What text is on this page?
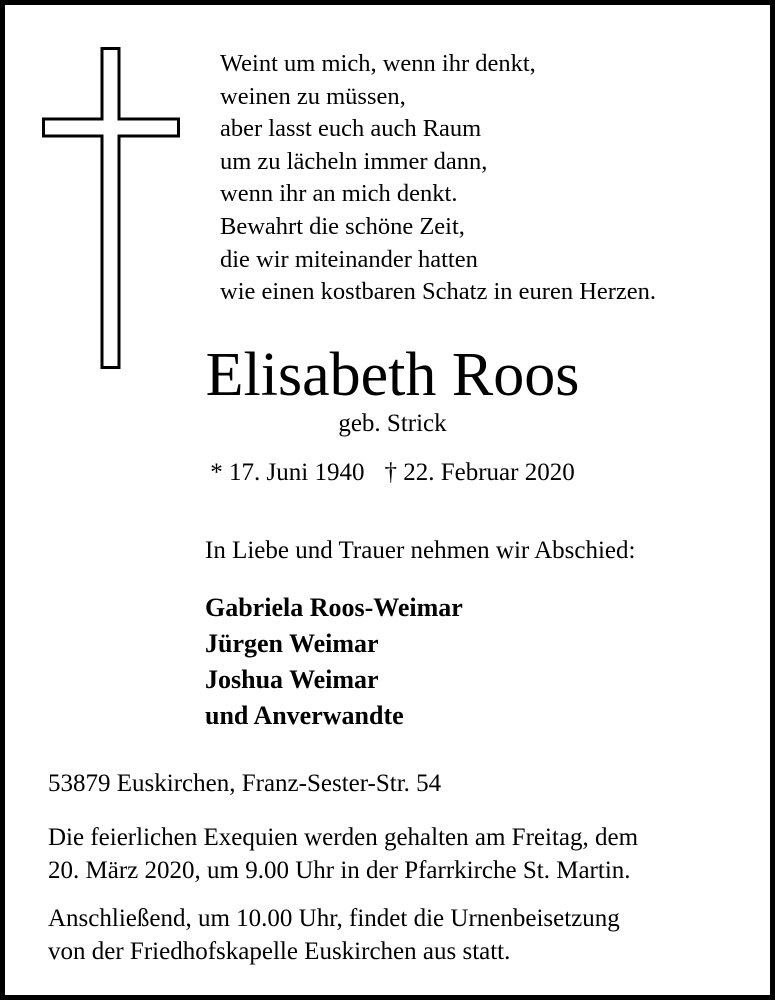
Weint um mich, wenn ihr denkt,
weinen zu müssen,
aber lasst euch auch Raum
um zu lächeln immer dann,
wenn ihr an mich denkt.
Bewahrt die schöne Zeit,
die wir miteinander hatten
wie einen kostbaren Schatz in euren Herzen.
Elisabeth Roos
geb. Strick
* 17. Juni 1940 † 22. Februar 2020
In Liebe und Trauer nehmen wir Abschied:
Gabriela Roos-Weimar
Jürgen Weimar
Joshua Weimar
und Anverwandte
53879 Euskirchen, Franz-Sester-Str. 54
Die feierlichen Exequien werden gehalten am Freitag, dem
20. März 2020, um 9.00 Uhr in der Pfarrkirche St. Martin.
Anschließend, um 10.00 Uhr, findet die Urnenbeisetzung
von der Friedhofskapelle Euskirchen aus statt.
